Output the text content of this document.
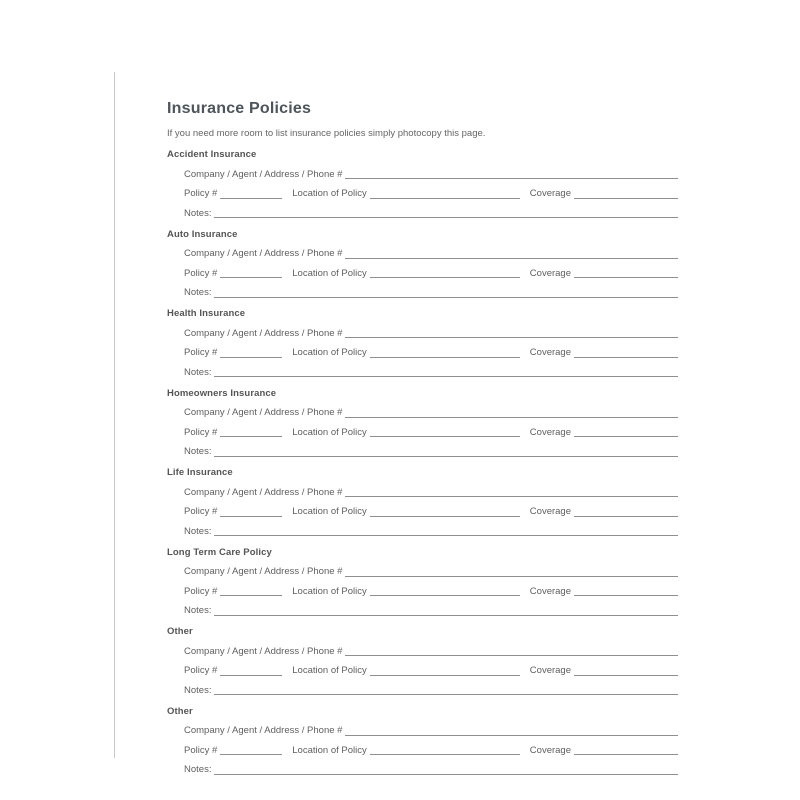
Insurance Policies
If you need more room to list insurance policies simply photocopy this page.
Accident Insurance
Company / Agent / Address / Phone #
Policy #	Location of Policy	Coverage
Notes:
Auto Insurance
Company / Agent / Address / Phone #
Policy #	Location of Policy	Coverage
Notes:
Health Insurance
Company / Agent / Address / Phone #
Policy #	Location of Policy	Coverage
Notes:
Homeowners Insurance
Company / Agent / Address / Phone #
Policy #	Location of Policy	Coverage
Notes:
Life Insurance
Company / Agent / Address / Phone #
Policy #	Location of Policy	Coverage
Notes:
Long Term Care Policy
Company / Agent / Address / Phone #
Policy #	Location of Policy	Coverage
Notes:
Other
Company / Agent / Address / Phone #
Policy #	Location of Policy	Coverage
Notes:
Other
Company / Agent / Address / Phone #
Policy #	Location of Policy	Coverage
Notes:
